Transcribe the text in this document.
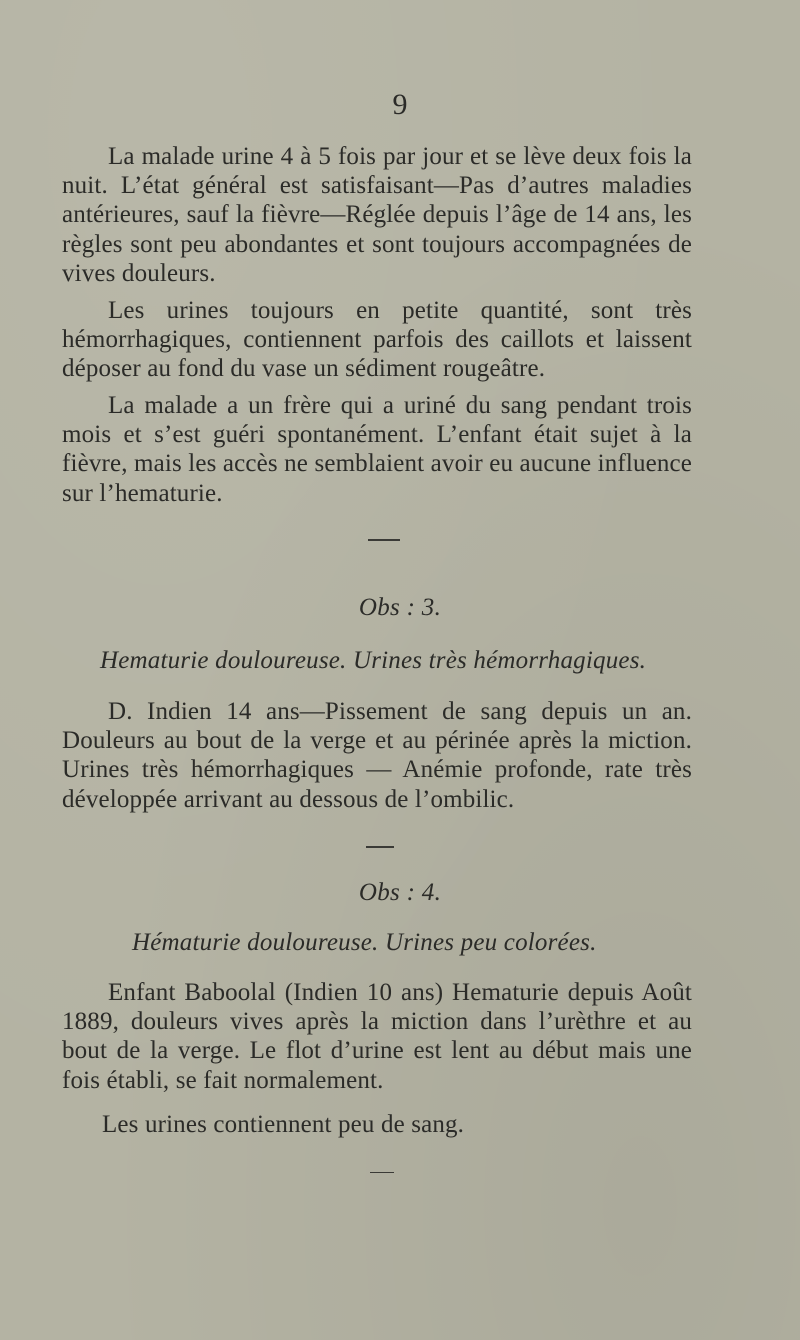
9

La malade urine 4 à 5 fois par jour et se lève deux fois la nuit. L’état général est satisfaisant—Pas d’autres maladies antérieures, sauf la fièvre—Réglée depuis l’âge de 14 ans, les règles sont peu abondantes et sont toujours accompagnées de vives douleurs.

Les urines toujours en petite quantité, sont très hémorrhagiques, contiennent parfois des caillots et laissent déposer au fond du vase un sédiment rougeâtre.

La malade a un frère qui a uriné du sang pendant trois mois et s’est guéri spontanément. L’enfant était sujet à la fièvre, mais les accès ne semblaient avoir eu aucune influence sur l’hematurie.

Obs : 3.
Hematurie douloureuse. Urines très hémorrhagiques.

D. Indien 14 ans—Pissement de sang depuis un an. Douleurs au bout de la verge et au périnée après la miction. Urines très hémorrhagiques — Anémie profonde, rate très développée arrivant au dessous de l’ombilic.

Obs : 4.
Hématurie douloureuse. Urines peu colorées.

Enfant Baboolal (Indien 10 ans) Hematurie depuis Août 1889, douleurs vives après la miction dans l’urèthre et au bout de la verge. Le flot d’urine est lent au début mais une fois établi, se fait normalement.

Les urines contiennent peu de sang.
